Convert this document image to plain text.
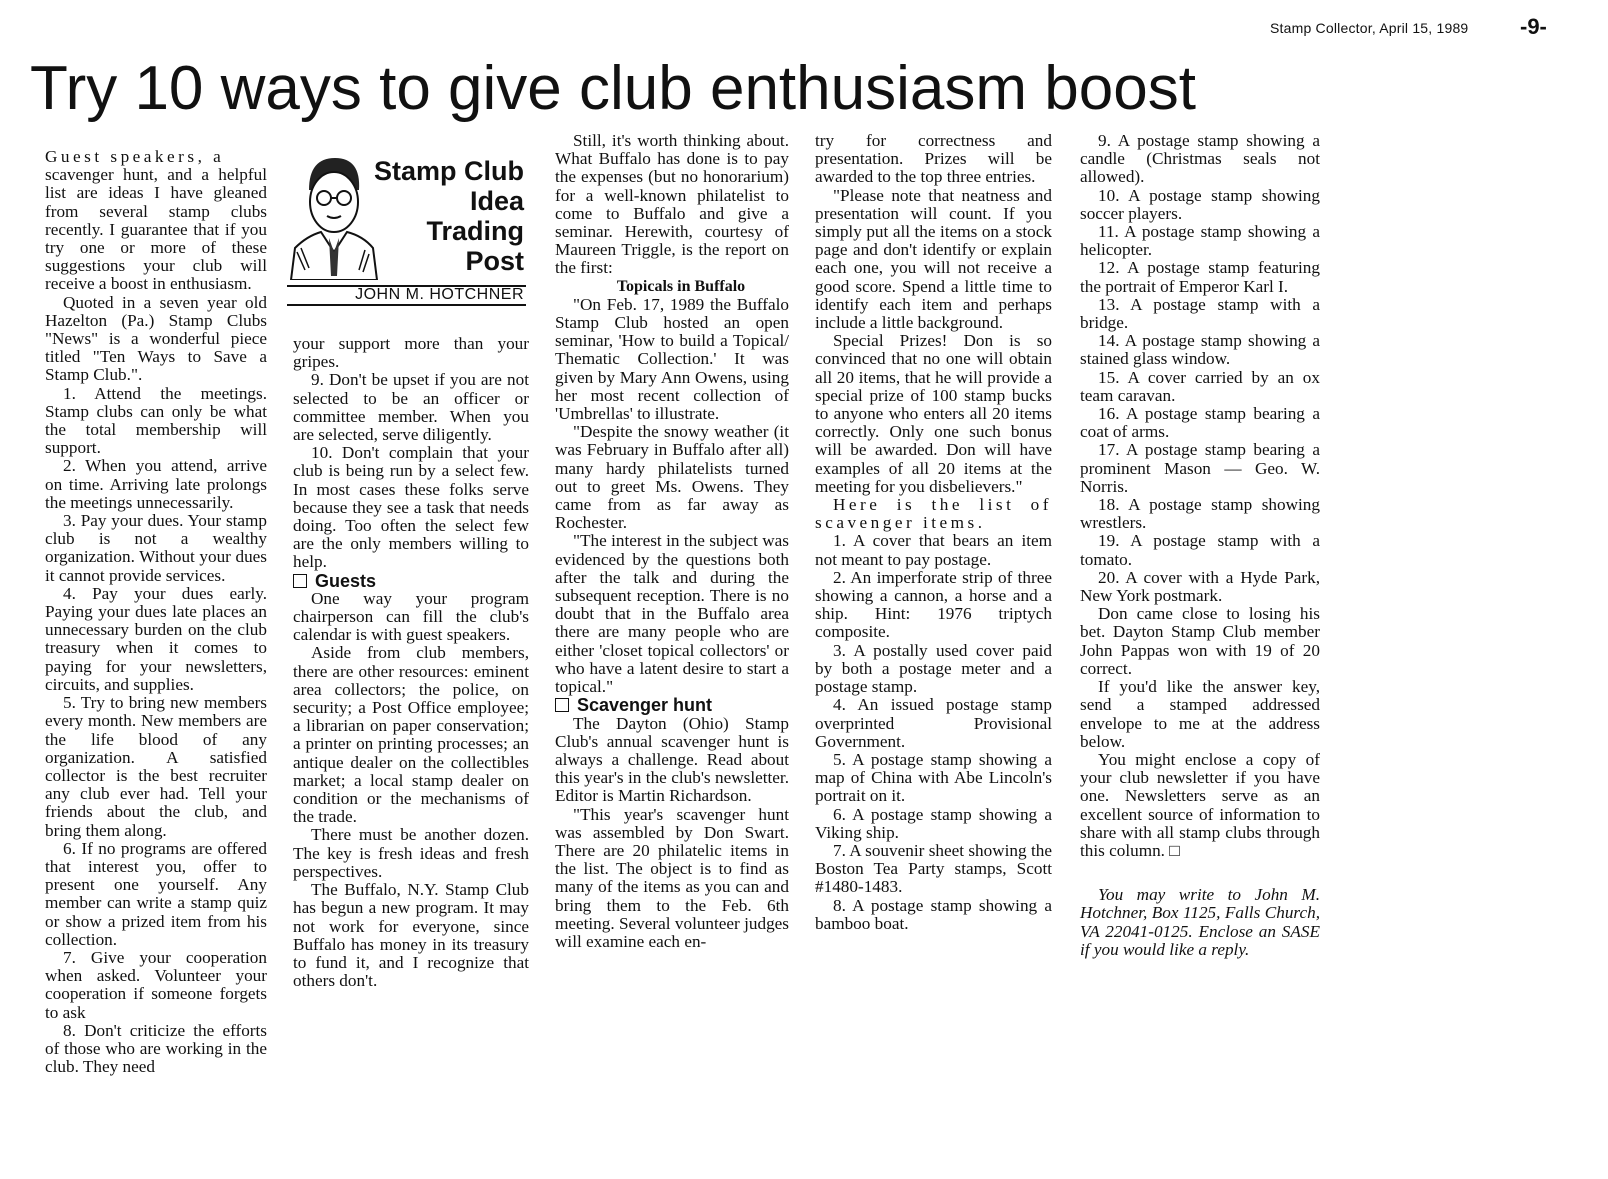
Stamp Collector, April 15, 1989 -9-
Try 10 ways to give club enthusiasm boost
Stamp Club
Idea
Trading
Post
JOHN M. HOTCHNER

Guest speakers, a

scavenger hunt, and a helpful list are ideas I have gleaned from several stamp clubs recently. I guarantee that if you try one or more of these suggestions your club will receive a boost in enthusiasm.

Quoted in a seven year old Hazelton (Pa.) Stamp Clubs "News" is a wonderful piece titled "Ten Ways to Save a Stamp Club.".

1. Attend the meetings. Stamp clubs can only be what the total membership will support.

2. When you attend, arrive on time. Arriving late prolongs the meetings unnecessarily.

3. Pay your dues. Your stamp club is not a wealthy organization. Without your dues it cannot provide services.

4. Pay your dues early. Paying your dues late places an unnecessary burden on the club treasury when it comes to paying for your newsletters, circuits, and supplies.

5. Try to bring new members every month. New members are the life blood of any organization. A satisfied collector is the best recruiter any club ever had. Tell your friends about the club, and bring them along.

6. If no programs are offered that interest you, offer to present one yourself. Any member can write a stamp quiz or show a prized item from his collection.

7. Give your cooperation when asked. Volunteer your cooperation if someone forgets to ask

8. Don't criticize the efforts of those who are working in the club. They need

your support more than your gripes.

9. Don't be upset if you are not selected to be an officer or committee member. When you are selected, serve diligently.

10. Don't complain that your club is being run by a select few. In most cases these folks serve because they see a task that needs doing. Too often the select few are the only members willing to help.

Guests

One way your program chairperson can fill the club's calendar is with guest speakers.

Aside from club members, there are other resources: eminent area collectors; the police, on security; a Post Office employee; a librarian on paper conservation; a printer on printing processes; an antique dealer on the collectibles market; a local stamp dealer on condition or the mechanisms of the trade.

There must be another dozen. The key is fresh ideas and fresh perspectives.

The Buffalo, N.Y. Stamp Club has begun a new program. It may not work for everyone, since Buffalo has money in its treasury to fund it, and I recognize that others don't.

Still, it's worth thinking about. What Buffalo has done is to pay the expenses (but no honorarium) for a well-known philatelist to come to Buffalo and give a seminar. Herewith, courtesy of Maureen Triggle, is the report on the first:

Topicals in Buffalo

"On Feb. 17, 1989 the Buffalo Stamp Club hosted an open seminar, 'How to build a Topical/ Thematic Collection.' It was given by Mary Ann Owens, using her most recent collection of 'Umbrellas' to illustrate.

"Despite the snowy weather (it was February in Buffalo after all) many hardy philatelists turned out to greet Ms. Owens. They came from as far away as Rochester.

"The interest in the subject was evidenced by the questions both after the talk and during the subsequent reception. There is no doubt that in the Buffalo area there are many people who are either 'closet topical collectors' or who have a latent desire to start a topical."

Scavenger hunt

The Dayton (Ohio) Stamp Club's annual scavenger hunt is always a challenge. Read about this year's in the club's newsletter. Editor is Martin Richardson.

"This year's scavenger hunt was assembled by Don Swart. There are 20 philatelic items in the list. The object is to find as many of the items as you can and bring them to the Feb. 6th meeting. Several volunteer judges will examine each en-

try for correctness and presentation. Prizes will be awarded to the top three entries.

"Please note that neatness and presentation will count. If you simply put all the items on a stock page and don't identify or explain each one, you will not receive a good score. Spend a little time to identify each item and perhaps include a little background.

Special Prizes! Don is so convinced that no one will obtain all 20 items, that he will provide a special prize of 100 stamp bucks to anyone who enters all 20 items correctly. Only one such bonus will be awarded. Don will have examples of all 20 items at the meeting for you disbelievers."

Here is the list of scavenger items.

1. A cover that bears an item not meant to pay postage.

2. An imperforate strip of three showing a cannon, a horse and a ship. Hint: 1976 triptych composite.

3. A postally used cover paid by both a postage meter and a postage stamp.

4. An issued postage stamp overprinted Provisional Government.

5. A postage stamp showing a map of China with Abe Lincoln's portrait on it.

6. A postage stamp showing a Viking ship.

7. A souvenir sheet showing the Boston Tea Party stamps, Scott #1480-1483.

8. A postage stamp showing a bamboo boat.

9. A postage stamp showing a candle (Christmas seals not allowed).

10. A postage stamp showing soccer players.

11. A postage stamp showing a helicopter.

12. A postage stamp featuring the portrait of Emperor Karl I.

13. A postage stamp with a bridge.

14. A postage stamp showing a stained glass window.

15. A cover carried by an ox team caravan.

16. A postage stamp bearing a coat of arms.

17. A postage stamp bearing a prominent Mason — Geo. W. Norris.

18. A postage stamp showing wrestlers.

19. A postage stamp with a tomato.

20. A cover with a Hyde Park, New York postmark.

Don came close to losing his bet. Dayton Stamp Club member John Pappas won with 19 of 20 correct.

If you'd like the answer key, send a stamped addressed envelope to me at the address below.

You might enclose a copy of your club newsletter if you have one. Newsletters serve as an excellent source of information to share with all stamp clubs through this column. □

You may write to John M. Hotchner, Box 1125, Falls Church, VA 22041-0125. Enclose an SASE if you would like a reply.
